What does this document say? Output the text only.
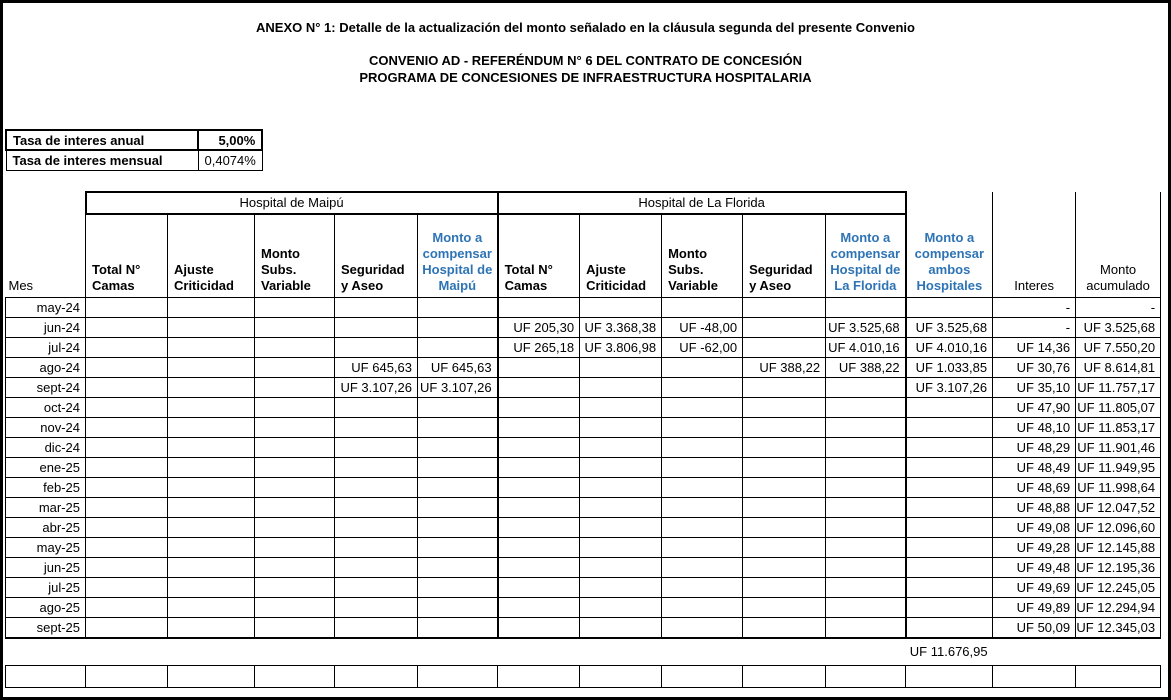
ANEXO N° 1: Detalle de la actualización del monto señalado en la cláusula segunda del presente Convenio
CONVENIO AD - REFERÉNDUM N° 6 DEL CONTRATO DE CONCESIÓN
PROGRAMA DE CONCESIONES DE INFRAESTRUCTURA HOSPITALARIA
Tasa de interes anual	5,00%
Tasa de interes mensual	0,4074%
Mes	Hospital de Maipú					Hospital de La Florida					Monto a compensar ambos Hospitales	Interes	Monto acumulado
	Total N° Camas	Ajuste Criticidad	Monto Subs. Variable	Seguridad y Aseo	Monto a compensar Hospital de Maipú	Total N° Camas	Ajuste Criticidad	Monto Subs. Variable	Seguridad y Aseo	Monto a compensar Hospital de La Florida			
may-24												-	-
jun-24						UF 205,30	UF 3.368,38	UF -48,00		UF 3.525,68	UF 3.525,68	-	UF 3.525,68
jul-24						UF 265,18	UF 3.806,98	UF -62,00		UF 4.010,16	UF 4.010,16	UF 14,36	UF 7.550,20
ago-24				UF 645,63	UF 645,63				UF 388,22	UF 388,22	UF 1.033,85	UF 30,76	UF 8.614,81
sept-24				UF 3.107,26	UF 3.107,26						UF 3.107,26	UF 35,10	UF 11.757,17
oct-24												UF 47,90	UF 11.805,07
nov-24												UF 48,10	UF 11.853,17
dic-24												UF 48,29	UF 11.901,46
ene-25												UF 48,49	UF 11.949,95
feb-25												UF 48,69	UF 11.998,64
mar-25												UF 48,88	UF 12.047,52
abr-25												UF 49,08	UF 12.096,60
may-25												UF 49,28	UF 12.145,88
jun-25												UF 49,48	UF 12.195,36
jul-25												UF 49,69	UF 12.245,05
ago-25												UF 49,89	UF 12.294,94
sept-25												UF 50,09	UF 12.345,03
											UF 11.676,95		
